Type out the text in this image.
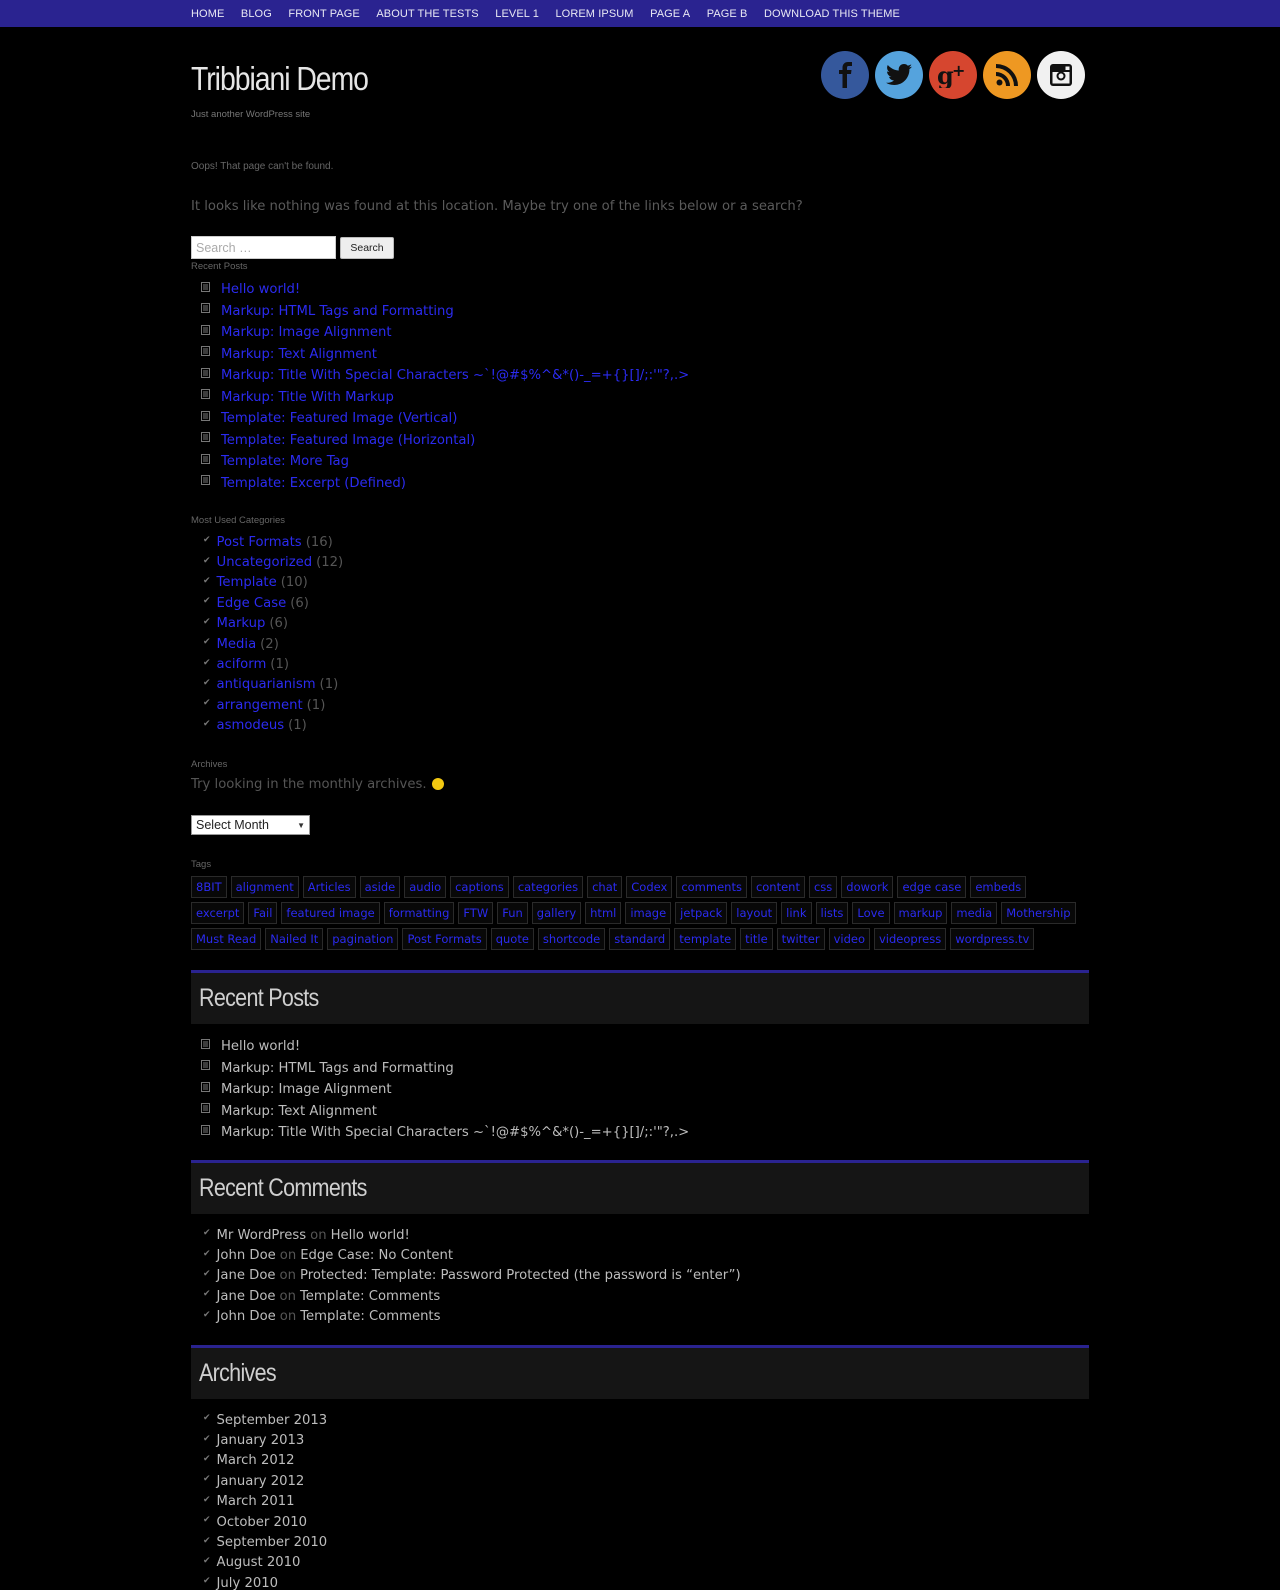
HOME BLOG FRONT PAGE ABOUT THE TESTS LEVEL 1 LOREM IPSUM PAGE A PAGE B DOWNLOAD THIS THEME
Tribbiani Demo
Just another WordPress site
g
+
Oops! That page can't be found.
It looks like nothing was found at this location. Maybe try one of the links below or a search?
Search …
Search
Recent Posts
Hello world!
Markup: HTML Tags and Formatting
Markup: Image Alignment
Markup: Text Alignment
Markup: Title With Special Characters ~`!@#$%^&*()-_=+{}[]/;:'"?,.>
Markup: Title With Markup
Template: Featured Image (Vertical)
Template: Featured Image (Horizontal)
Template: More Tag
Template: Excerpt (Defined)
Most Used Categories
✔ Post Formats (16)
✔ Uncategorized (12)
✔ Template (10)
✔ Edge Case (6)
✔ Markup (6)
✔ Media (2)
✔ aciform (1)
✔ antiquarianism (1)
✔ arrangement (1)
✔ asmodeus (1)
Archives
Try looking in the monthly archives.
Select Month	▼
Tags
8BIT	alignment	Articles	aside	audio	captions	categories	chat	Codex	comments	content	css	dowork	edge case	embeds
excerpt	Fail	featured image	formatting	FTW	Fun	gallery	html	image	jetpack	layout	link	lists	Love	markup	media	Mothership
Must Read	Nailed It	pagination	Post Formats	quote	shortcode	standard	template	title	twitter	video	videopress	wordpress.tv
Recent Posts
Hello world!
Markup: HTML Tags and Formatting
Markup: Image Alignment
Markup: Text Alignment
Markup: Title With Special Characters ~`!@#$%^&*()-_=+{}[]/;:'"?,.>
Recent Comments
✔ Mr WordPress on Hello world!
✔ John Doe on Edge Case: No Content
✔ Jane Doe on Protected: Template: Password Protected (the password is “enter”)
✔ Jane Doe on Template: Comments
✔ John Doe on Template: Comments
Archives
✔ September 2013
✔ January 2013
✔ March 2012
✔ January 2012
✔ March 2011
✔ October 2010
✔ September 2010
✔ August 2010
✔ July 2010
